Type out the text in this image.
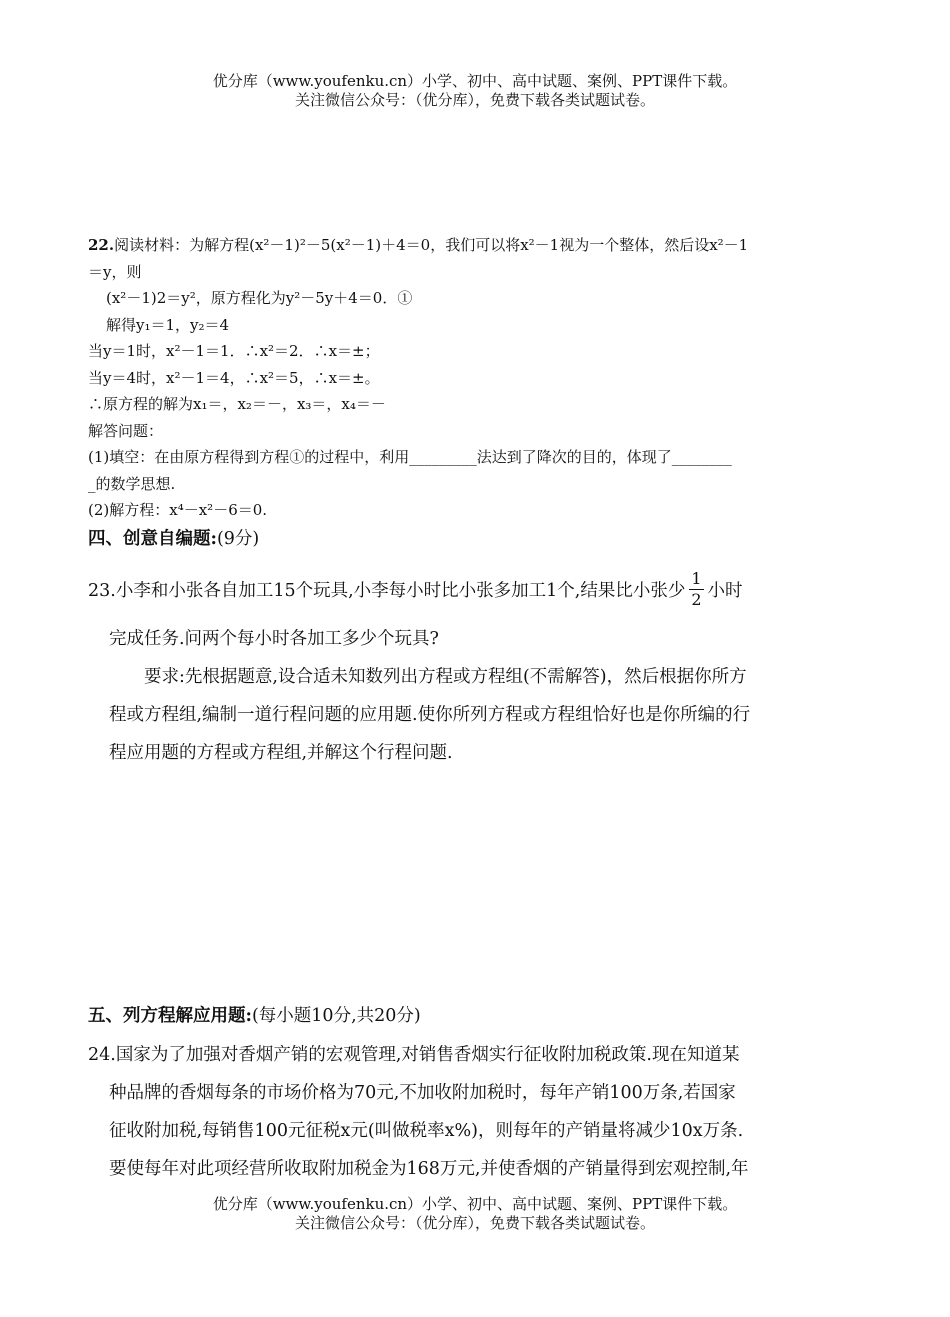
优分库（www.youfenku.cn）小学、初中、高中试题、案例、PPT课件下载。
关注微信公众号：（优分库），免费下载各类试题试卷。
22.阅读材料：为解方程(x²－1)²－5(x²－1)＋4＝0，我们可以将x²－1视为一个整体，然后设x²－1
＝y，则
(x²－1)2＝y²，原方程化为y²－5y＋4＝0．①
解得y₁＝1，y₂＝4
当y＝1时，x²－1＝1．∴x²＝2．∴x＝±；
当y＝4时，x²－1＝4，∴x²＝5，∴x＝±。
∴原方程的解为x₁＝，x₂＝－，x₃＝，x₄＝－
解答问题：
(1)填空：在由原方程得到方程①的过程中，利用_________法达到了降次的目的，体现了________
_的数学思想.
(2)解方程：x⁴－x²－6＝0.
四、创意自编题:(9分)
23.小李和小张各自加工15个玩具,小李每小时比小张多加工1个,结果比小张少 $\frac{1}{2}$ 小时
完成任务.问两个每小时各加工多少个玩具?
要求:先根据题意,设合适未知数列出方程或方程组(不需解答)，然后根据你所方
程或方程组,编制一道行程问题的应用题.使你所列方程或方程组恰好也是你所编的行
程应用题的方程或方程组,并解这个行程问题.
五、列方程解应用题:(每小题10分,共20分)
24.国家为了加强对香烟产销的宏观管理,对销售香烟实行征收附加税政策.现在知道某
种品牌的香烟每条的市场价格为70元,不加收附加税时，每年产销100万条,若国家
征收附加税,每销售100元征税x元(叫做税率x%)，则每年的产销量将减少10x万条.
要使每年对此项经营所收取附加税金为168万元,并使香烟的产销量得到宏观控制,年
优分库（www.youfenku.cn）小学、初中、高中试题、案例、PPT课件下载。
关注微信公众号：（优分库），免费下载各类试题试卷。
